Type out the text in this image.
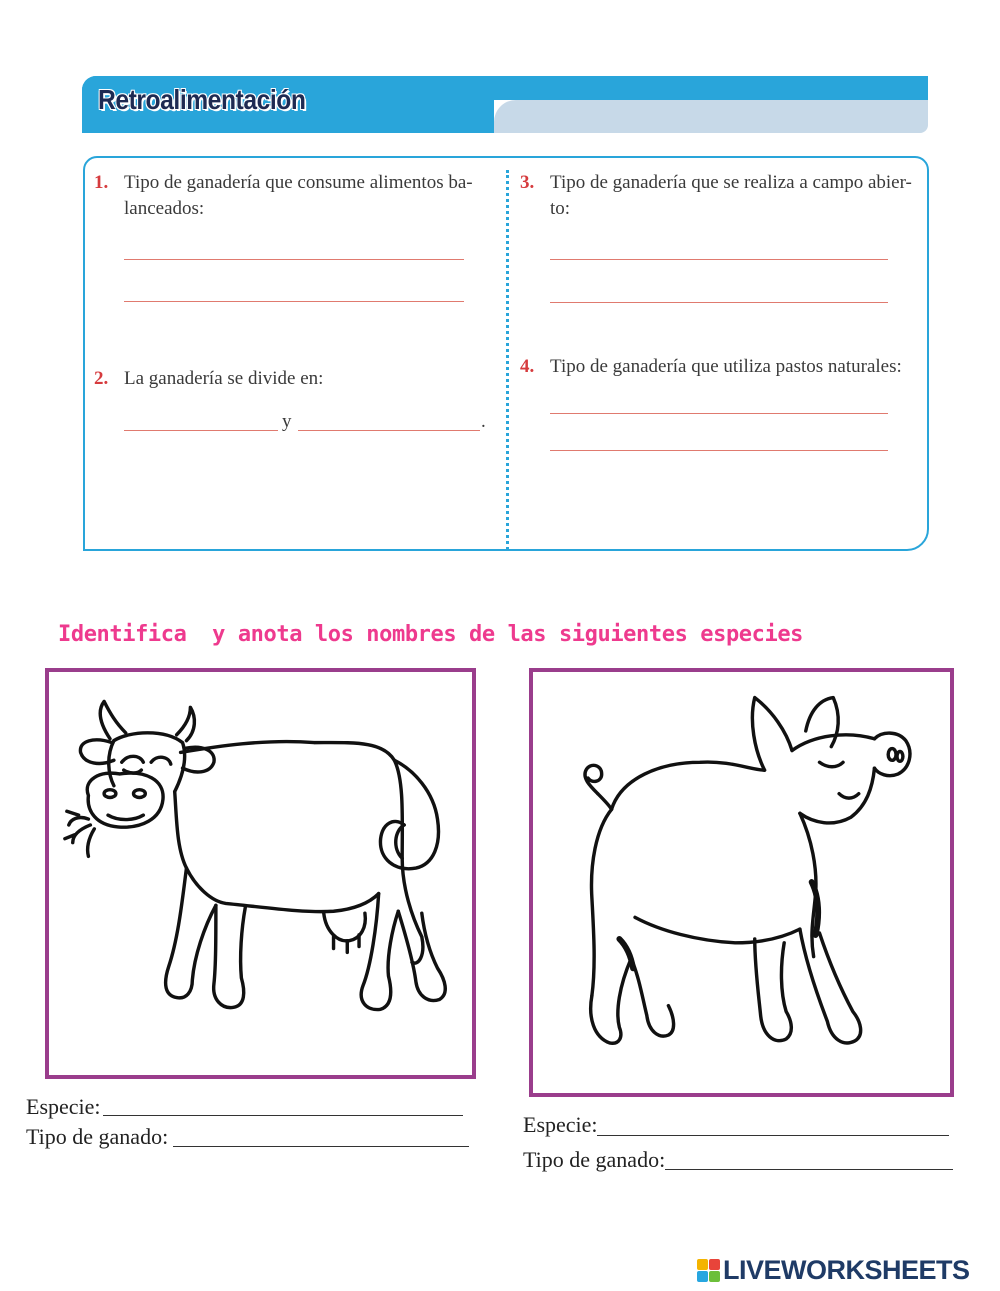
Retroalimentación
1. Tipo de ganadería que consume alimentos ba-
lanceados:
2. La ganadería se divide en:
y	.
3. Tipo de ganadería que se realiza a campo abier-
to:
4. Tipo de ganadería que utiliza pastos naturales:
Identifica  y anota los nombres de las siguientes especies
Especie:
Tipo de ganado:	Especie:
Tipo de ganado:
LIVEWORKSHEETS
